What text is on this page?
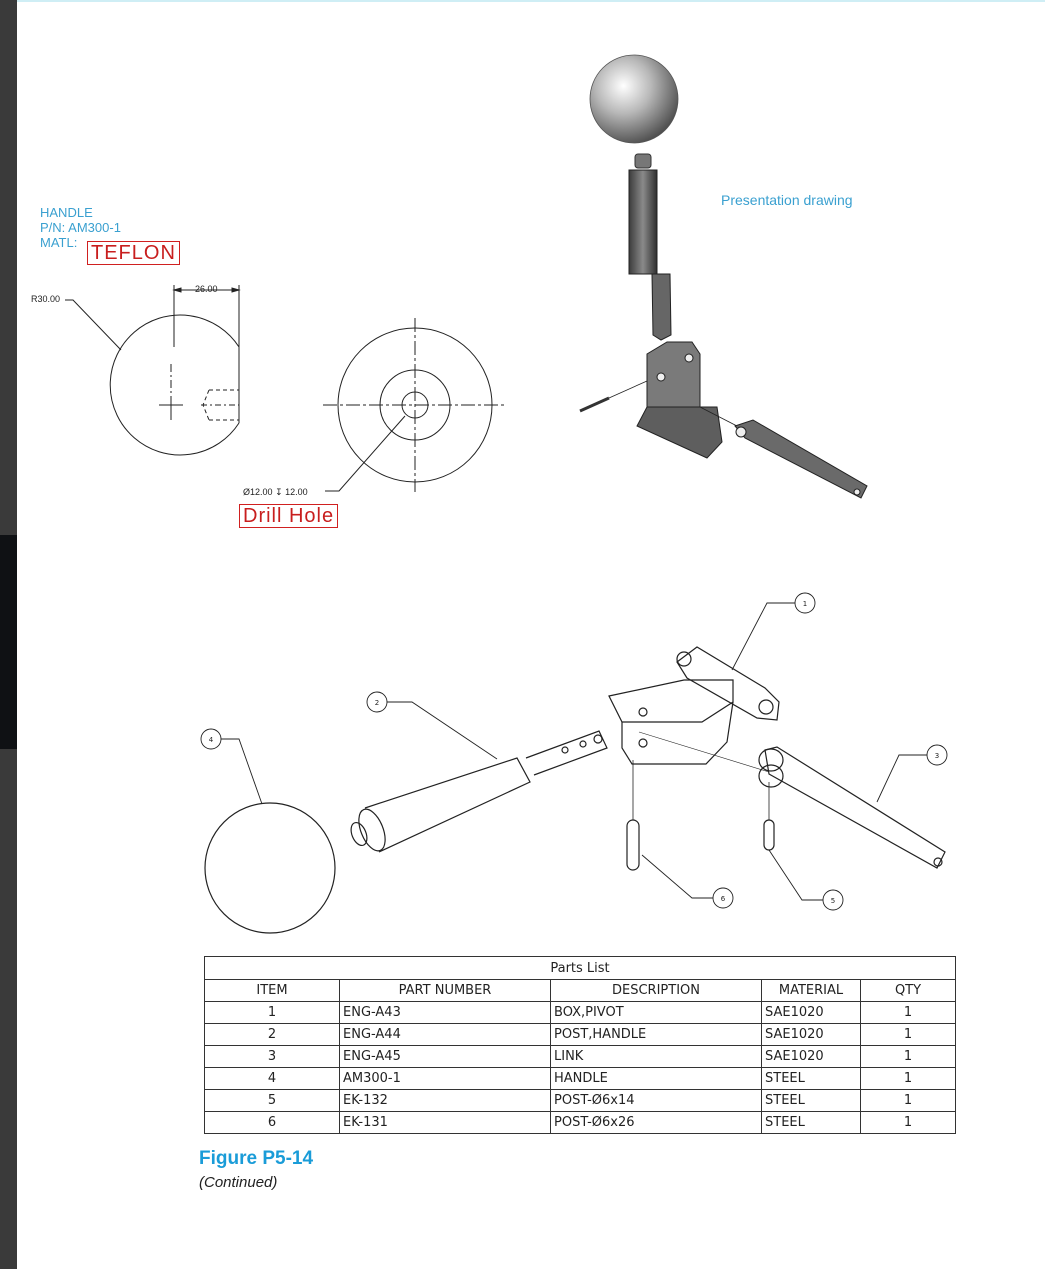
HANDLE
P/N: AM300-1
MATL: TEFLON
R30.00
26.00
Ø12.00 ↧ 12.00
Drill Hole
Presentation drawing
1
2
3
4
5
6
Parts List				
ITEM	PART NUMBER	DESCRIPTION	MATERIAL	QTY
1	ENG-A43	BOX,PIVOT	SAE1020	1
2	ENG-A44	POST,HANDLE	SAE1020	1
3	ENG-A45	LINK	SAE1020	1
4	AM300-1	HANDLE	STEEL	1
5	EK-132	POST-Ø6x14	STEEL	1
6	EK-131	POST-Ø6x26	STEEL	1
Figure P5-14
(Continued)
